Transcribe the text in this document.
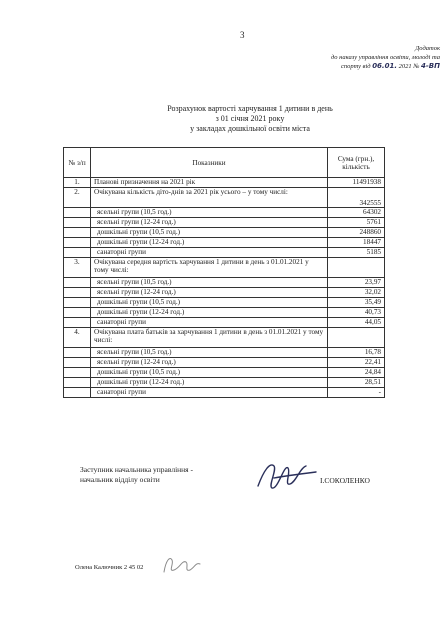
3
Додаток
до наказу управління освіти, молоді та
спорту від 06.01. 2021 № 4-ВП
Розрахунок вартості харчування 1 дитини в день
з 01 січня 2021 року
у закладах дошкільної освіти міста
№ з/п	Показники	Сума (грн.), кількість
1.	Планові призначення на 2021 рік	11491938
2.	Очікувана кількість діто-днів за 2021 рік усього – у тому числі:	342555
	ясельні групи (10,5 год.)	64302
	ясельні групи (12-24 год.)	5761
	дошкільні групи (10,5 год.)	248860
	дошкільні групи (12-24 год.)	18447
	санаторні групи	5185
3.	Очікувана середня вартість харчування 1 дитини в день з 01.01.2021 у тому числі:	
	ясельні групи (10,5 год.)	23,97
	ясельні групи (12-24 год.)	32,02
	дошкільні групи (10,5 год.)	35,49
	дошкільні групи (12-24 год.)	40,73
	санаторні групи	44,05
4.	Очікувана плата батьків за харчування 1 дитини в день з 01.01.2021 у тому числі:	
	ясельні групи (10,5 год.)	16,78
	ясельні групи (12-24 год.)	22,41
	дошкільні групи (10,5 год.)	24,84
	дошкільні групи (12-24 год.)	28,51
	санаторні групи	-
Заступник начальника управління -
начальник відділу освіти	І.СОКОЛЕНКО
Олена Калючник 2 45 02
